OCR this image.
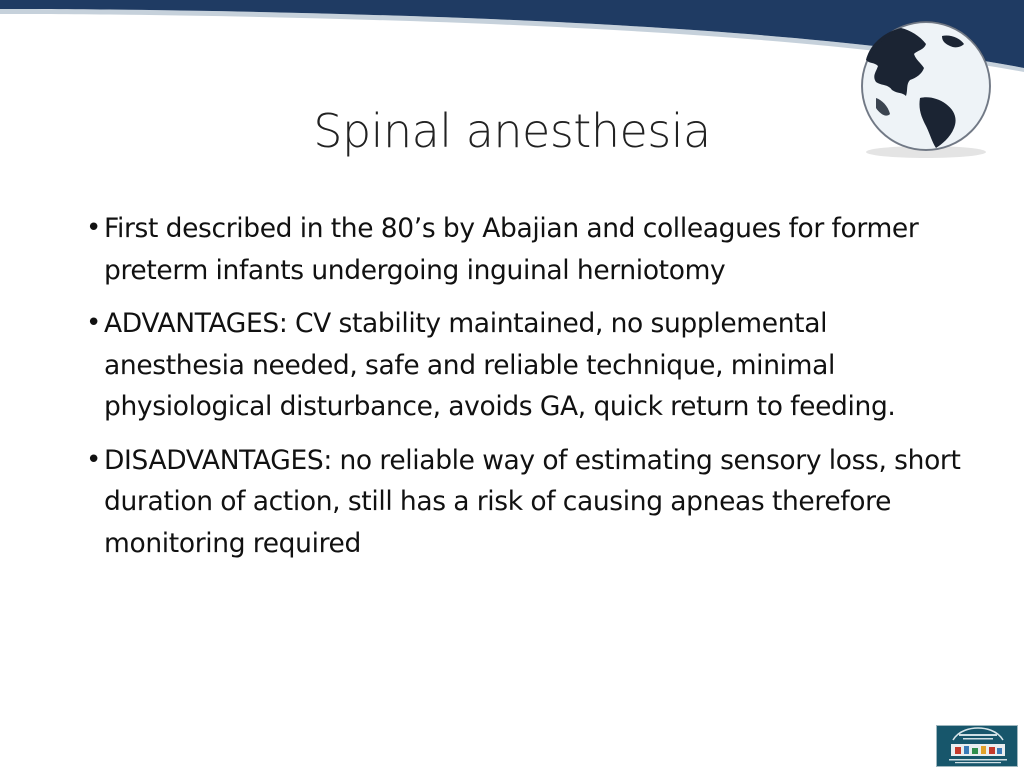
Spinal anesthesia
• First described in the 80ʼs by Abajian and colleagues for former preterm infants undergoing inguinal herniotomy
• ADVANTAGES: CV stability maintained, no supplemental anesthesia needed, safe and reliable technique, minimal physiological disturbance, avoids GA, quick return to feeding.
• DISADVANTAGES: no reliable way of estimating sensory loss, short duration of action, still has a risk of causing apneas therefore monitoring required
